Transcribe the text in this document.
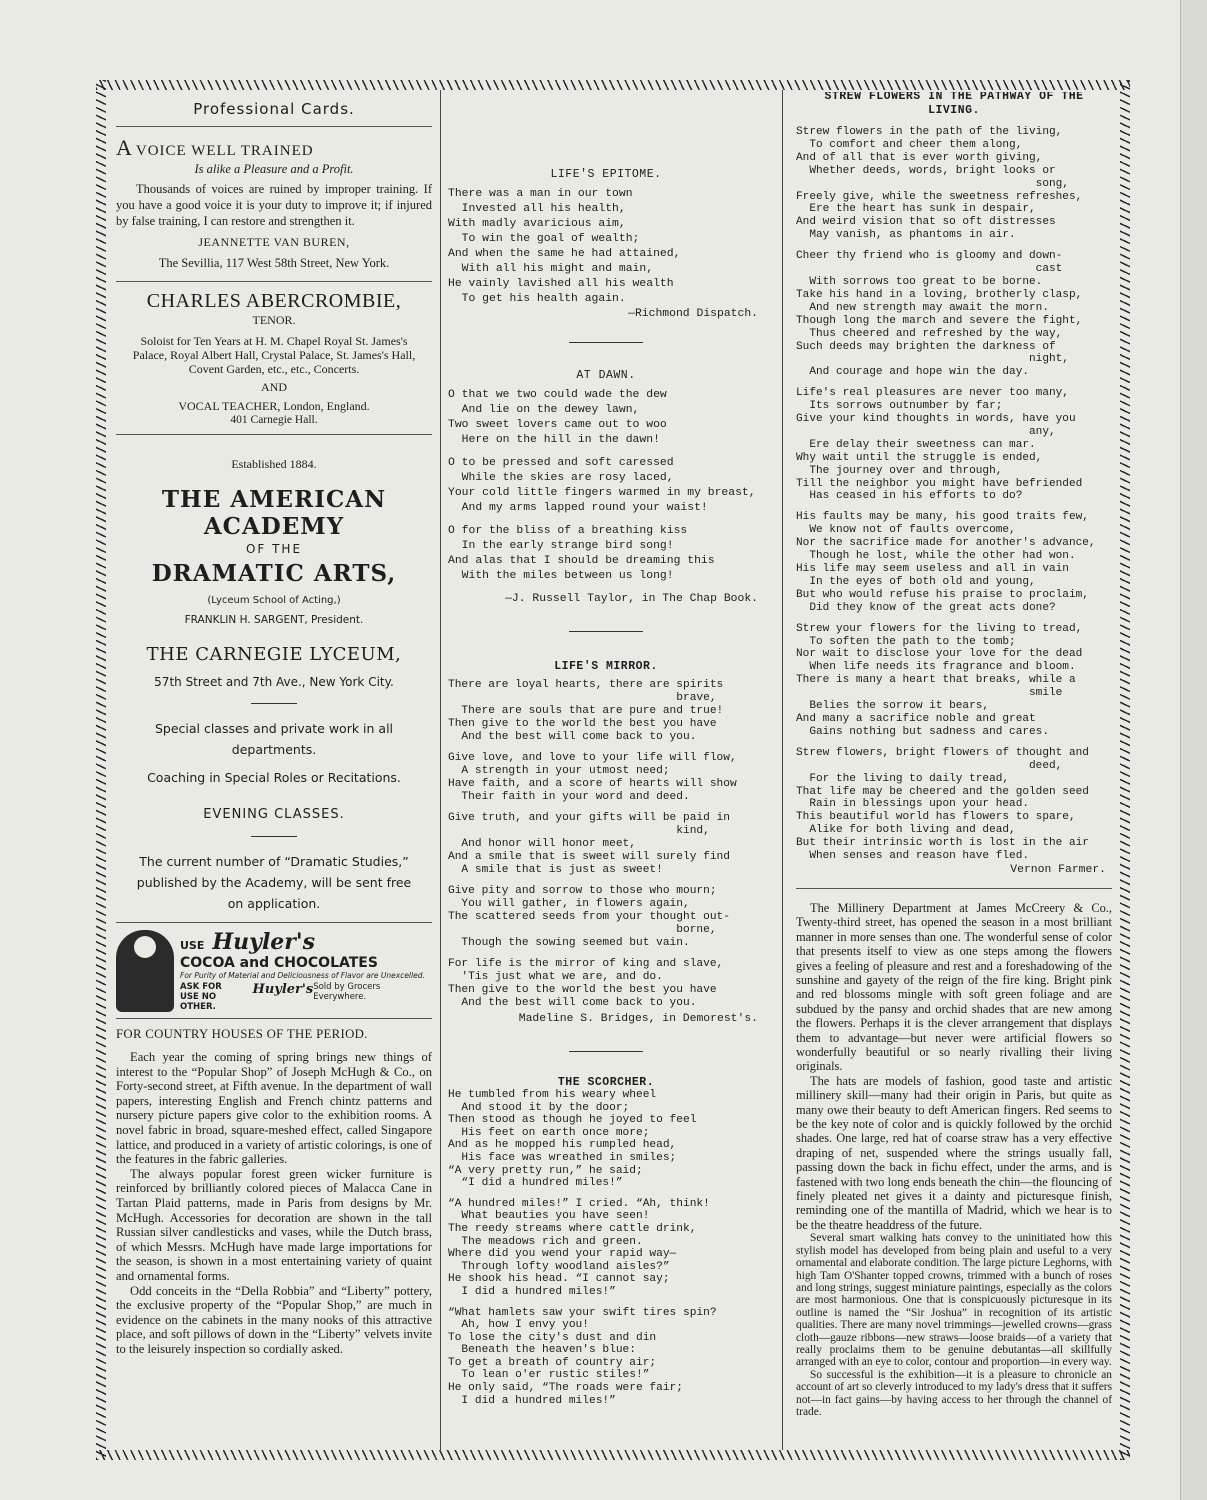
Professional Cards.
A VOICE WELL TRAINED
Is alike a Pleasure and a Profit.
Thousands of voices are ruined by improper training. If you have a good voice it is your duty to improve it; if injured by false training, I can restore and strengthen it.
JEANNETTE VAN BUREN,
The Sevillia, 117 West 58th Street, New York.
CHARLES ABERCROMBIE,
TENOR.
Soloist for Ten Years at H. M. Chapel Royal St. James's Palace, Royal Albert Hall, Crystal Palace, St. James's Hall, Covent Garden, etc., etc., Concerts.
AND
VOCAL TEACHER, London, England.
401 Carnegie Hall.
Established 1884.
THE AMERICAN ACADEMY
OF THE
DRAMATIC ARTS,
(Lyceum School of Acting,)
FRANKLIN H. SARGENT, President.
THE CARNEGIE LYCEUM,
57th Street and 7th Ave., New York City.
Special classes and private work in all departments.
Coaching in Special Roles or Recitations.
EVENING CLASSES.
The current number of “Dramatic Studies,” published by the Academy, will be sent free on application.
USE Huyler's
COCOA and CHOCOLATES
For Purity of Material and Deliciousness of Flavor are Unexcelled.
ASK FOR
USE NO OTHER.
Huyler's Sold by Grocers Everywhere.
FOR COUNTRY HOUSES OF THE PERIOD.

Each year the coming of spring brings new things of interest to the “Popular Shop” of Joseph McHugh & Co., on Forty-second street, at Fifth avenue. In the department of wall papers, interesting English and French chintz patterns and nursery picture papers give color to the exhibition rooms. A novel fabric in broad, square-meshed effect, called Singapore lattice, and produced in a variety of artistic colorings, is one of the features in the fabric galleries.

The always popular forest green wicker furniture is reinforced by brilliantly colored pieces of Malacca Cane in Tartan Plaid patterns, made in Paris from designs by Mr. McHugh. Accessories for decoration are shown in the tall Russian silver candlesticks and vases, while the Dutch brass, of which Messrs. McHugh have made large importations for the season, is shown in a most entertaining variety of quaint and ornamental forms.

Odd conceits in the “Della Robbia” and “Liberty” pottery, the exclusive property of the “Popular Shop,” are much in evidence on the cabinets in the many nooks of this attractive place, and soft pillows of down in the “Liberty” velvets invite to the leisurely inspection so cordially asked.

LIFE'S EPITOME.

There was a man in our town

Invested all his health,

With madly avaricious aim,

To win the goal of wealth;

And when the same he had attained,

With all his might and main,

He vainly lavished all his wealth

To get his health again.

—Richmond Dispatch.
AT DAWN.

O that we two could wade the dew

And lie on the dewey lawn,

Two sweet lovers came out to woo

Here on the hill in the dawn!

O to be pressed and soft caressed

While the skies are rosy laced,

Your cold little fingers warmed in my breast,

And my arms lapped round your waist!

O for the bliss of a breathing kiss

In the early strange bird song!

And alas that I should be dreaming this

With the miles between us long!

—J. Russell Taylor, in The Chap Book.
LIFE'S MIRROR.

There are loyal hearts, there are spirits

brave,

There are souls that are pure and true!

Then give to the world the best you have

And the best will come back to you.

Give love, and love to your life will flow,

A strength in your utmost need;

Have faith, and a score of hearts will show

Their faith in your word and deed.

Give truth, and your gifts will be paid in

kind,

And honor will honor meet,

And a smile that is sweet will surely find

A smile that is just as sweet!

Give pity and sorrow to those who mourn;

You will gather, in flowers again,

The scattered seeds from your thought out-

borne,

Though the sowing seemed but vain.

For life is the mirror of king and slave,

'Tis just what we are, and do.

Then give to the world the best you have

And the best will come back to you.

Madeline S. Bridges, in Demorest's.
THE SCORCHER.

He tumbled from his weary wheel

And stood it by the door;

Then stood as though he joyed to feel

His feet on earth once more;

And as he mopped his rumpled head,

His face was wreathed in smiles;

“A very pretty run,” he said;

“I did a hundred miles!”

“A hundred miles!” I cried. “Ah, think!

What beauties you have seen!

The reedy streams where cattle drink,

The meadows rich and green.

Where did you wend your rapid way—

Through lofty woodland aisles?”

He shook his head. “I cannot say;

I did a hundred miles!”

“What hamlets saw your swift tires spin?

Ah, how I envy you!

To lose the city's dust and din

Beneath the heaven's blue:

To get a breath of country air;

To lean o'er rustic stiles!”

He only said, “The roads were fair;

I did a hundred miles!”

STREW FLOWERS IN THE PATHWAY OF THE LIVING.

Strew flowers in the path of the living,

To comfort and cheer them along,

And of all that is ever worth giving,

Whether deeds, words, bright looks or

song,

Freely give, while the sweetness refreshes,

Ere the heart has sunk in despair,

And weird vision that so oft distresses

May vanish, as phantoms in air.

Cheer thy friend who is gloomy and down-

cast

With sorrows too great to be borne.

Take his hand in a loving, brotherly clasp,

And new strength may await the morn.

Though long the march and severe the fight,

Thus cheered and refreshed by the way,

Such deeds may brighten the darkness of

night,

And courage and hope win the day.

Life's real pleasures are never too many,

Its sorrows outnumber by far;

Give your kind thoughts in words, have you

any,

Ere delay their sweetness can mar.

Why wait until the struggle is ended,

The journey over and through,

Till the neighbor you might have befriended

Has ceased in his efforts to do?

His faults may be many, his good traits few,

We know not of faults overcome,

Nor the sacrifice made for another's advance,

Though he lost, while the other had won.

His life may seem useless and all in vain

In the eyes of both old and young,

But who would refuse his praise to proclaim,

Did they know of the great acts done?

Strew your flowers for the living to tread,

To soften the path to the tomb;

Nor wait to disclose your love for the dead

When life needs its fragrance and bloom.

There is many a heart that breaks, while a

smile

Belies the sorrow it bears,

And many a sacrifice noble and great

Gains nothing but sadness and cares.

Strew flowers, bright flowers of thought and

deed,

For the living to daily tread,

That life may be cheered and the golden seed

Rain in blessings upon your head.

This beautiful world has flowers to spare,

Alike for both living and dead,

But their intrinsic worth is lost in the air

When senses and reason have fled.

Vernon Farmer.

The Millinery Department at James McCreery & Co., Twenty-third street, has opened the season in a most brilliant manner in more senses than one. The wonderful sense of color that presents itself to view as one steps among the flowers gives a feeling of pleasure and rest and a foreshadowing of the sunshine and gayety of the reign of the fire king. Bright pink and red blossoms mingle with soft green foliage and are subdued by the pansy and orchid shades that are new among the flowers. Perhaps it is the clever arrangement that displays them to advantage—but never were artificial flowers so wonderfully beautiful or so nearly rivalling their living originals.

The hats are models of fashion, good taste and artistic millinery skill—many had their origin in Paris, but quite as many owe their beauty to deft American fingers. Red seems to be the key note of color and is quickly followed by the orchid shades. One large, red hat of coarse straw has a very effective draping of net, suspended where the strings usually fall, passing down the back in fichu effect, under the arms, and is fastened with two long ends beneath the chin—the flouncing of finely pleated net gives it a dainty and picturesque finish, reminding one of the mantilla of Madrid, which we hear is to be the theatre headdress of the future.

Several smart walking hats convey to the uninitiated how this stylish model has developed from being plain and useful to a very ornamental and elaborate condition. The large picture Leghorns, with high Tam O'Shanter topped crowns, trimmed with a bunch of roses and long strings, suggest miniature paintings, especially as the colors are most harmonious. One that is conspicuously picturesque in its outline is named the “Sir Joshua” in recognition of its artistic qualities. There are many novel trimmings—jewelled crowns—grass cloth—gauze ribbons—new straws—loose braids—of a variety that really proclaims them to be genuine debutantas—all skillfully arranged with an eye to color, contour and proportion—in every way.

So successful is the exhibition—it is a pleasure to chronicle an account of art so cleverly introduced to my lady's dress that it suffers not—in fact gains—by having access to her through the channel of trade.
